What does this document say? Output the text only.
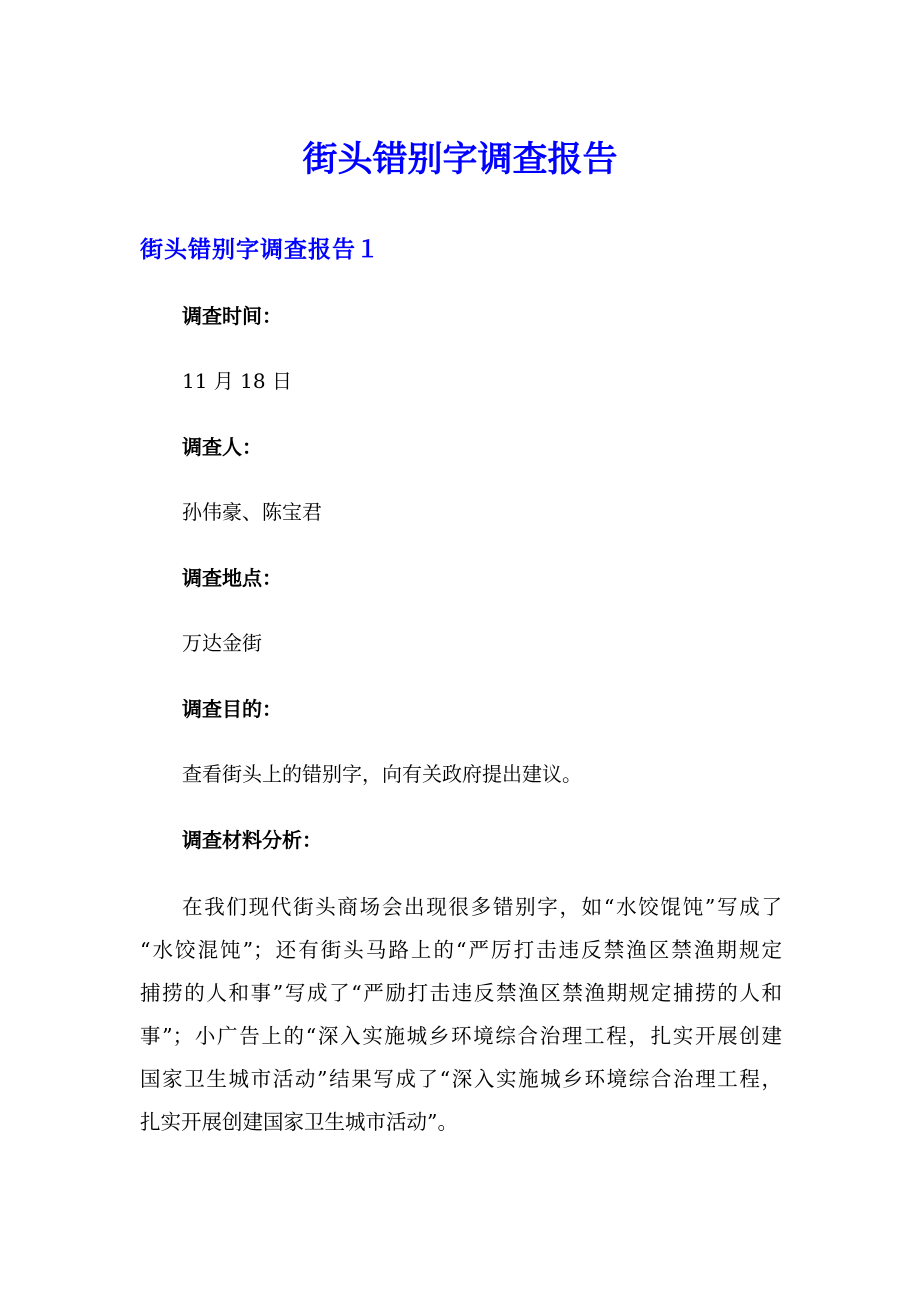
街头错别字调查报告
街头错别字调查报告１

调查时间：

11 月 18 日

调查人：

孙伟豪、陈宝君

调查地点：

万达金街

调查目的：

查看街头上的错别字，向有关政府提出建议。

调查材料分析：

在我们现代街头商场会出现很多错别字，如“水饺馄饨”写成了
“水饺混饨”；还有街头马路上的“严厉打击违反禁渔区禁渔期规定
捕捞的人和事”写成了“严励打击违反禁渔区禁渔期规定捕捞的人和
事”；小广告上的“深入实施城乡环境综合治理工程，扎实开展创建
国家卫生城市活动”结果写成了“深入实施城乡环境综合治理工程，
扎实开展创建国家卫生城市活动”。
